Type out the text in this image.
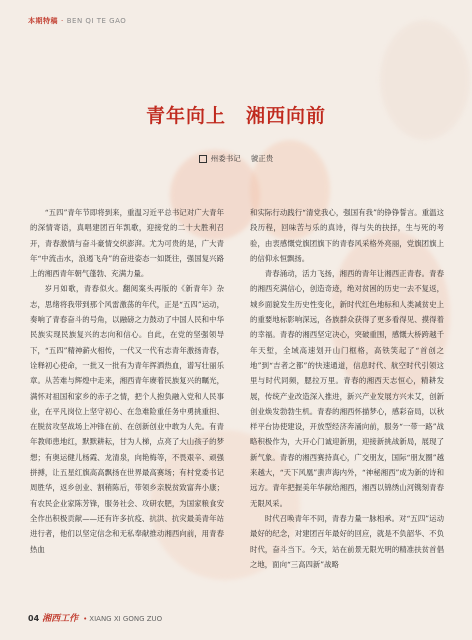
本期特稿 · BEN QI TE GAO
青年向上　湘西向前
州委书记 虢正贵

“五四”青年节即将到来，重温习近平总书记对广大青年的深情寄语，真唱建团百年凯歌，迎接党的二十大胜利召开，青春激情与奋斗豪情交织澎湃。尤为可贵的是，广大青年“中流击水，浪遏飞舟”的奋进姿态一如既往，强国复兴路上的湘西青年朝气蓬勃、充满力量。

岁月如歌，青春似火。翻阅案头再版的《新青年》杂志，思绪将我带到那个风雷激荡的年代，正是“五四”运动，奏响了青春奋斗的号角，以融磅之力鼓动了中国人民和中华民族实现民族复兴的志向和信心。自此，在党的坚强领导下，“五四”精神薪火相传，一代又一代有志青年激扬青春，诠释初心使命，一批又一批有为青年挥洒热血，谱写壮丽乐章。从苦难与辉煌中走来，湘西青年赓着民族复兴的瞩光，满怀对祖国和家乡的赤子之情，把个人抱负融入党和人民事业，在平凡岗位上坚守初心、在急难险重任务中勇挑重担、在脱贫攻坚战场上冲锋在前、在创新创业中敢为人先。有青年教师患地红，默默耕耘，甘为人梯，点亮了大山孩子的梦想；有奥运健儿杨霞、龙清泉，向艳梅等，不畏艰辛、顽强拼搏，让五星红旗高高飘扬在世界最高赛场；有村党委书记周胜华，返乡创业、割稍陈后，带领乡亲脱贫致富奔小康；有农民企业家陈芳锋，服务社会、攻研农肥，为国家粮食安全作出积极贡献——还有许多抗疫、抗洪、抗灾最美青年站进行者，他们以坚定信念和无私奉献推动湘西向前，用青春热血

和实际行动践行“清党我心，强国有我”的铮铮誓言。重温这段历程，回味苦与乐的真诗，得与失的抉择，生与死的考验，由衷感慨党旗团旗下的青春风采格外亮丽，党旗团旗上的信仰永恒飘扬。

青春涌动，活力飞扬，湘西的青年让湘西正青春。青春的湘西充满信心，创造奇迹，绝对贫困的历史一去不复返，城乡面貌发生历史性变化，新时代红色地标和人类减贫史上的重要地标影响深远，各族群众获得了更多看得见、摸得着的幸福。青春的湘西坚定决心，突破重围，感慨大桥跨越千年天堑，全域高速划开山门框格，高铁笑起了“首创之地”到“吉者之都”的快速通道，信息时代、航空时代引领这里与时代同频，腮拉万里。青春的湘西天志恒心，精耕发展，传统产业改造深入推进，新兴产业发展方兴未艾，创新创业焕发勃勃生机。青春的湘西怀描梦心，感彩奋局，以秋样平台协使建设，开放型经济奔涌向前，服务“一带一路”战略积极作为，大开心门诚迎新朋，迎接新挑战新局，展现了新气象。青春的湘西赛持真心，广交朋友，国际“朋友圈”越来越大，“天下风凰”蜚声海内外，“神秘湘西”成为新的诗和远方。青年把握美年华献给湘西，湘西以锦绣山河镌刻青春无限风采。

时代召唤青年不同，青春力量一脉相承。对“五四”运动最好的纪念，对建团百年最好的回应，就是不负韶华、不负时代，奋斗当下。今天，站在前景无限光明的精准扶贫首倡之地，面向“三高四新”战略

04 湘西工作 • XIANG XI GONG ZUO
